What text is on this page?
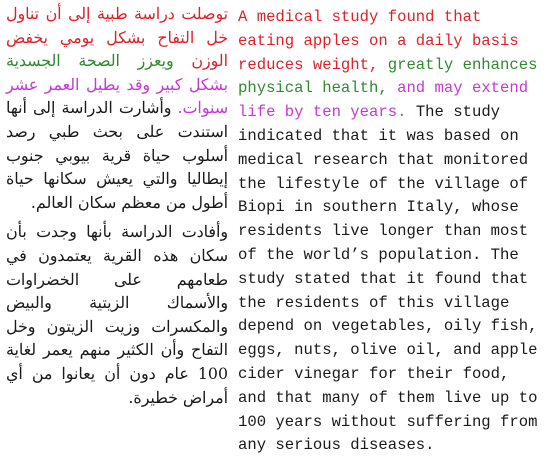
توصلت دراسة طبية إلى أن تناول خل التفاح بشكل يومي يخفض الوزن ويعزز الصحة الجسدية بشكل كبير وقد يطيل العمر عشر سنوات. وأشارت الدراسة إلى أنها استندت على بحث طبي رصد أسلوب حياة قرية بيوبي جنوب إيطاليا والتي يعيش سكانها حياة أطول من معظم سكان العالم.
وأفادت الدراسة بأنها وجدت بأن سكان هذه القرية يعتمدون في طعامهم على الخضراوات والأسماك الزيتية والبيض والمكسرات وزيت الزيتون وخل التفاح وأن الكثير منهم يعمر لغاية 100 عام دون أن يعانوا من أي أمراض خطيرة.
A medical study found that eating apples on a daily basis reduces weight, greatly enhances physical health, and may extend life by ten years. The study indicated that it was based on medical research that monitored the lifestyle of the village of Biopi in southern Italy, whose residents live longer than most of the world’s population. The study stated that it found that the residents of this village depend on vegetables, oily fish, eggs, nuts, olive oil, and apple cider vinegar for their food, and that many of them live up to 100 years without suffering from any serious diseases.
